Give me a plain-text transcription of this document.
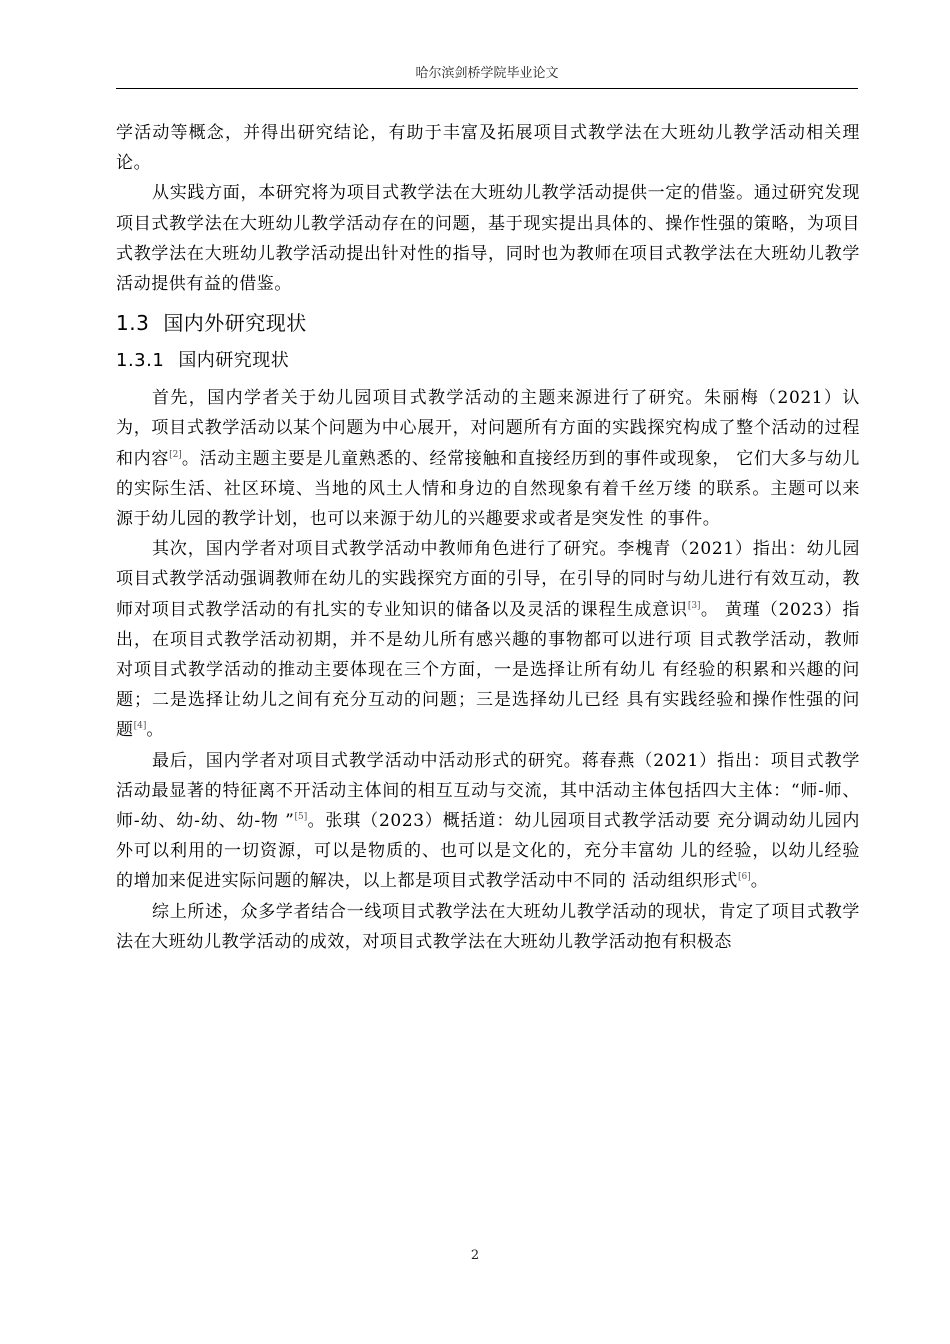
哈尔滨剑桥学院毕业论文

学活动等概念，并得出研究结论，有助于丰富及拓展项目式教学法在大班幼儿教学活动相关理论。

从实践方面，本研究将为项目式教学法在大班幼儿教学活动提供一定的借鉴。通过研究发现项目式教学法在大班幼儿教学活动存在的问题，基于现实提出具体的、操作性强的策略，为项目式教学法在大班幼儿教学活动提出针对性的指导，同时也为教师在项目式教学法在大班幼儿教学活动提供有益的借鉴。

1.3 国内外研究现状
1.3.1 国内研究现状

首先，国内学者关于幼儿园项目式教学活动的主题来源进行了研究。朱丽梅（2021）认为，项目式教学活动以某个问题为中心展开，对问题所有方面的实践探究构成了整个活动的过程和内容[2]。活动主题主要是儿童熟悉的、经常接触和直接经历到的事件或现象， 它们大多与幼儿的实际生活、社区环境、当地的风土人情和身边的自然现象有着千丝万缕 的联系。主题可以来源于幼儿园的教学计划，也可以来源于幼儿的兴趣要求或者是突发性 的事件。

其次，国内学者对项目式教学活动中教师角色进行了研究。李槐青（2021）指出：幼儿园项目式教学活动强调教师在幼儿的实践探究方面的引导，在引导的同时与幼儿进行有效互动，教师对项目式教学活动的有扎实的专业知识的储备以及灵活的课程生成意识[3]。 黄瑾（2023）指出，在项目式教学活动初期，并不是幼儿所有感兴趣的事物都可以进行项 目式教学活动，教师对项目式教学活动的推动主要体现在三个方面，一是选择让所有幼儿 有经验的积累和兴趣的问题；二是选择让幼儿之间有充分互动的问题；三是选择幼儿已经 具有实践经验和操作性强的问题[4]。

最后，国内学者对项目式教学活动中活动形式的研究。蒋春燕（2021）指出：项目式教学活动最显著的特征离不开活动主体间的相互互动与交流，其中活动主体包括四大主体：“师-师、师-幼、幼-幼、幼-物 ”[5]。张琪（2023）概括道：幼儿园项目式教学活动要 充分调动幼儿园内外可以利用的一切资源，可以是物质的、也可以是文化的，充分丰富幼 儿的经验，以幼儿经验的增加来促进实际问题的解决，以上都是项目式教学活动中不同的 活动组织形式[6]。

综上所述，众多学者结合一线项目式教学法在大班幼儿教学活动的现状，肯定了项目式教学法在大班幼儿教学活动的成效，对项目式教学法在大班幼儿教学活动抱有积极态

2
